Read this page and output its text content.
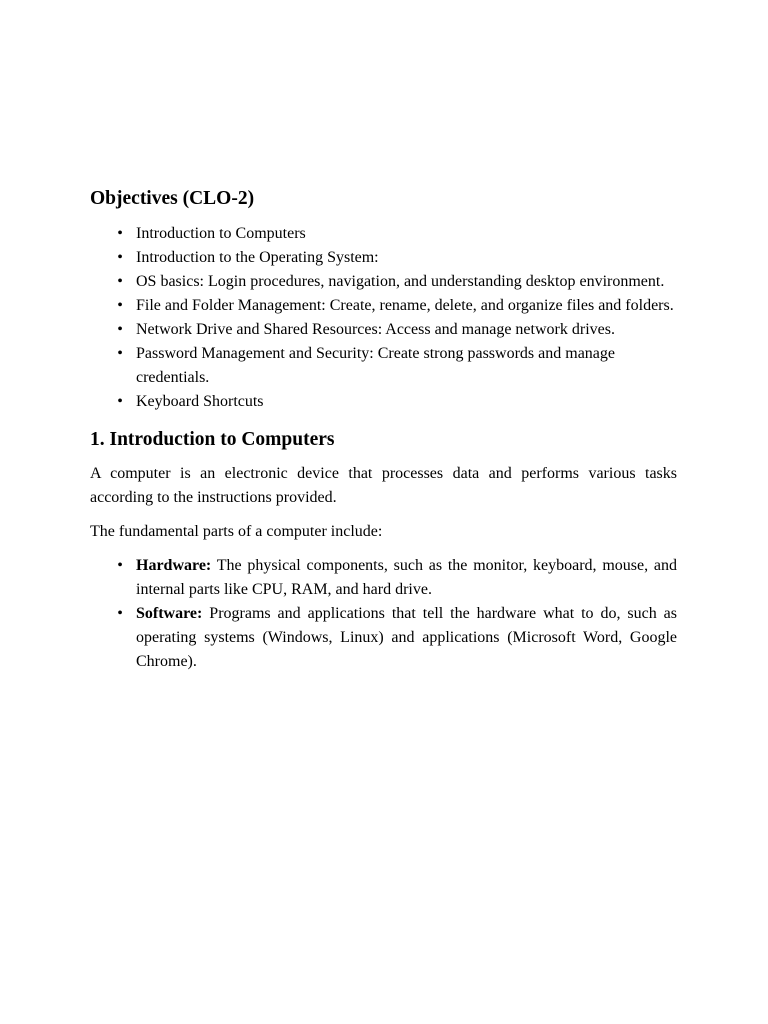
Objectives (CLO-2)
• Introduction to Computers
• Introduction to the Operating System:
• OS basics: Login procedures, navigation, and understanding desktop environment.
• File and Folder Management: Create, rename, delete, and organize files and folders.
• Network Drive and Shared Resources: Access and manage network drives.
• Password Management and Security: Create strong passwords and manage credentials.
• Keyboard Shortcuts
1. Introduction to Computers

A computer is an electronic device that processes data and performs various tasks according to the instructions provided.

The fundamental parts of a computer include:

• Hardware: The physical components, such as the monitor, keyboard, mouse, and internal parts like CPU, RAM, and hard drive.
• Software: Programs and applications that tell the hardware what to do, such as operating systems (Windows, Linux) and applications (Microsoft Word, Google Chrome).
